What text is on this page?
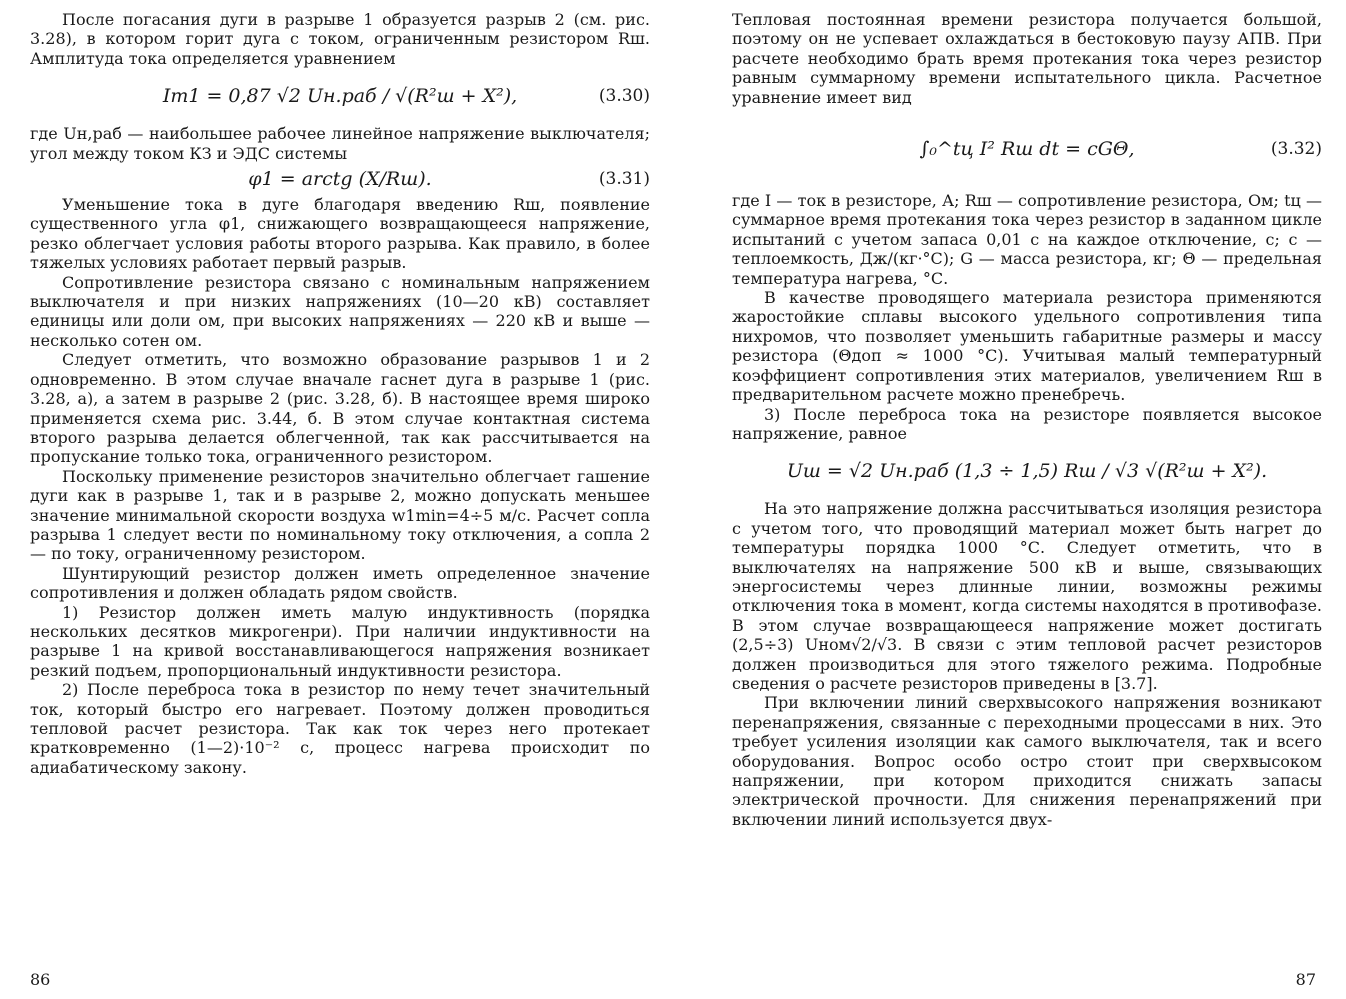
После погасания дуги в разрыве 1 образуется разрыв 2 (см. рис. 3.28), в котором горит дуга с током, ограниченным резистором Rш. Амплитуда тока определяется уравнением

Im1 = 0,87 √2 Uн.раб / √(R²ш + X²),	(3.30)

где Uн,раб — наибольшее рабочее линейное напряжение выключателя; угол между током КЗ и ЭДС системы

φ1 = arctg (X/Rш).	(3.31)

Уменьшение тока в дуге благодаря введению Rш, появление существенного угла φ1, снижающего возвращающееся напряжение, резко облегчает условия работы второго разрыва. Как правило, в более тяжелых условиях работает первый разрыв.

Сопротивление резистора связано с номинальным напряжением выключателя и при низких напряжениях (10—20 кВ) составляет единицы или доли ом, при высоких напряжениях — 220 кВ и выше — несколько сотен ом.

Следует отметить, что возможно образование разрывов 1 и 2 одновременно. В этом случае вначале гаснет дуга в разрыве 1 (рис. 3.28, а), а затем в разрыве 2 (рис. 3.28, б). В настоящее время широко применяется схема рис. 3.44, б. В этом случае контактная система второго разрыва делается облегченной, так как рассчитывается на пропускание только тока, ограниченного резистором.

Поскольку применение резисторов значительно облегчает гашение дуги как в разрыве 1, так и в разрыве 2, можно допускать меньшее значение минимальной скорости воздуха w1min=4÷5 м/с. Расчет сопла разрыва 1 следует вести по номинальному току отключения, а сопла 2 — по току, ограниченному резистором.

Шунтирующий резистор должен иметь определенное значение сопротивления и должен обладать рядом свойств.

1) Резистор должен иметь малую индуктивность (порядка нескольких десятков микрогенри). При наличии индуктивности на разрыве 1 на кривой восстанавливающегося напряжения возникает резкий подъем, пропорциональный индуктивности резистора.

2) После переброса тока в резистор по нему течет значительный ток, который быстро его нагревает. Поэтому должен проводиться тепловой расчет резистора. Так как ток через него протекает кратковременно (1—2)·10⁻² с, процесс нагрева происходит по адиабатическому закону.

86

Тепловая постоянная времени резистора получается большой, поэтому он не успевает охлаждаться в бестоковую паузу АПВ. При расчете необходимо брать время протекания тока через резистор равным суммарному времени испытательного цикла. Расчетное уравнение имеет вид

∫₀^tц I² Rш dt = cGΘ,	(3.32)

где I — ток в резисторе, А; Rш — сопротивление резистора, Ом; tц — суммарное время протекания тока через резистор в заданном цикле испытаний с учетом запаса 0,01 с на каждое отключение, с; c — теплоемкость, Дж/(кг·°С); G — масса резистора, кг; Θ — предельная температура нагрева, °С.

В качестве проводящего материала резистора применяются жаростойкие сплавы высокого удельного сопротивления типа нихромов, что позволяет уменьшить габаритные размеры и массу резистора (Θдоп ≈ 1000 °С). Учитывая малый температурный коэффициент сопротивления этих материалов, увеличением Rш в предварительном расчете можно пренебречь.

3) После переброса тока на резисторе появляется высокое напряжение, равное

Uш = √2 Uн.раб (1,3 ÷ 1,5) Rш / √3 √(R²ш + X²).

На это напряжение должна рассчитываться изоляция резистора с учетом того, что проводящий материал может быть нагрет до температуры порядка 1000 °С. Следует отметить, что в выключателях на напряжение 500 кВ и выше, связывающих энергосистемы через длинные линии, возможны режимы отключения тока в момент, когда системы находятся в противофазе. В этом случае возвращающееся напряжение может достигать (2,5÷3) Uном√2/√3. В связи с этим тепловой расчет резисторов должен производиться для этого тяжелого режима. Подробные сведения о расчете резисторов приведены в [3.7].

При включении линий сверхвысокого напряжения возникают перенапряжения, связанные с переходными процессами в них. Это требует усиления изоляции как самого выключателя, так и всего оборудования. Вопрос особо остро стоит при сверхвысоком напряжении, при котором приходится снижать запасы электрической прочности. Для снижения перенапряжений при включении линий используется двух-

87
